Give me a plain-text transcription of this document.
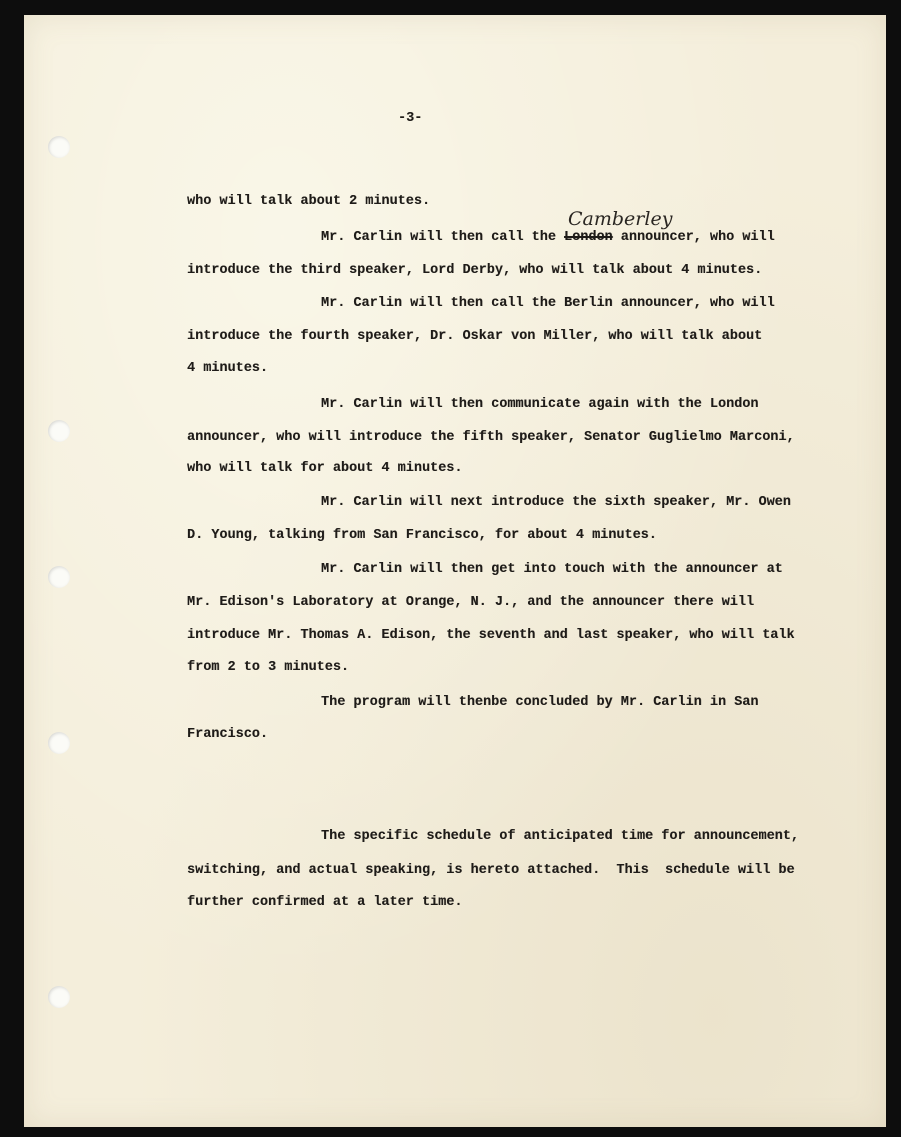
-3-
who will talk about 2 minutes.
Camberley
Mr. Carlin will then call the London announcer, who will
introduce the third speaker, Lord Derby, who will talk about 4 minutes.
Mr. Carlin will then call the Berlin announcer, who will
introduce the fourth speaker, Dr. Oskar von Miller, who will talk about
4 minutes.
Mr. Carlin will then communicate again with the London
announcer, who will introduce the fifth speaker, Senator Guglielmo Marconi,
who will talk for about 4 minutes.
Mr. Carlin will next introduce the sixth speaker, Mr. Owen
D. Young, talking from San Francisco, for about 4 minutes.
Mr. Carlin will then get into touch with the announcer at
Mr. Edison's Laboratory at Orange, N. J., and the announcer there will
introduce Mr. Thomas A. Edison, the seventh and last speaker, who will talk
from 2 to 3 minutes.
The program will thenbe concluded by Mr. Carlin in San
Francisco.
The specific schedule of anticipated time for announcement,
switching, and actual speaking, is hereto attached.  This  schedule will be
further confirmed at a later time.
